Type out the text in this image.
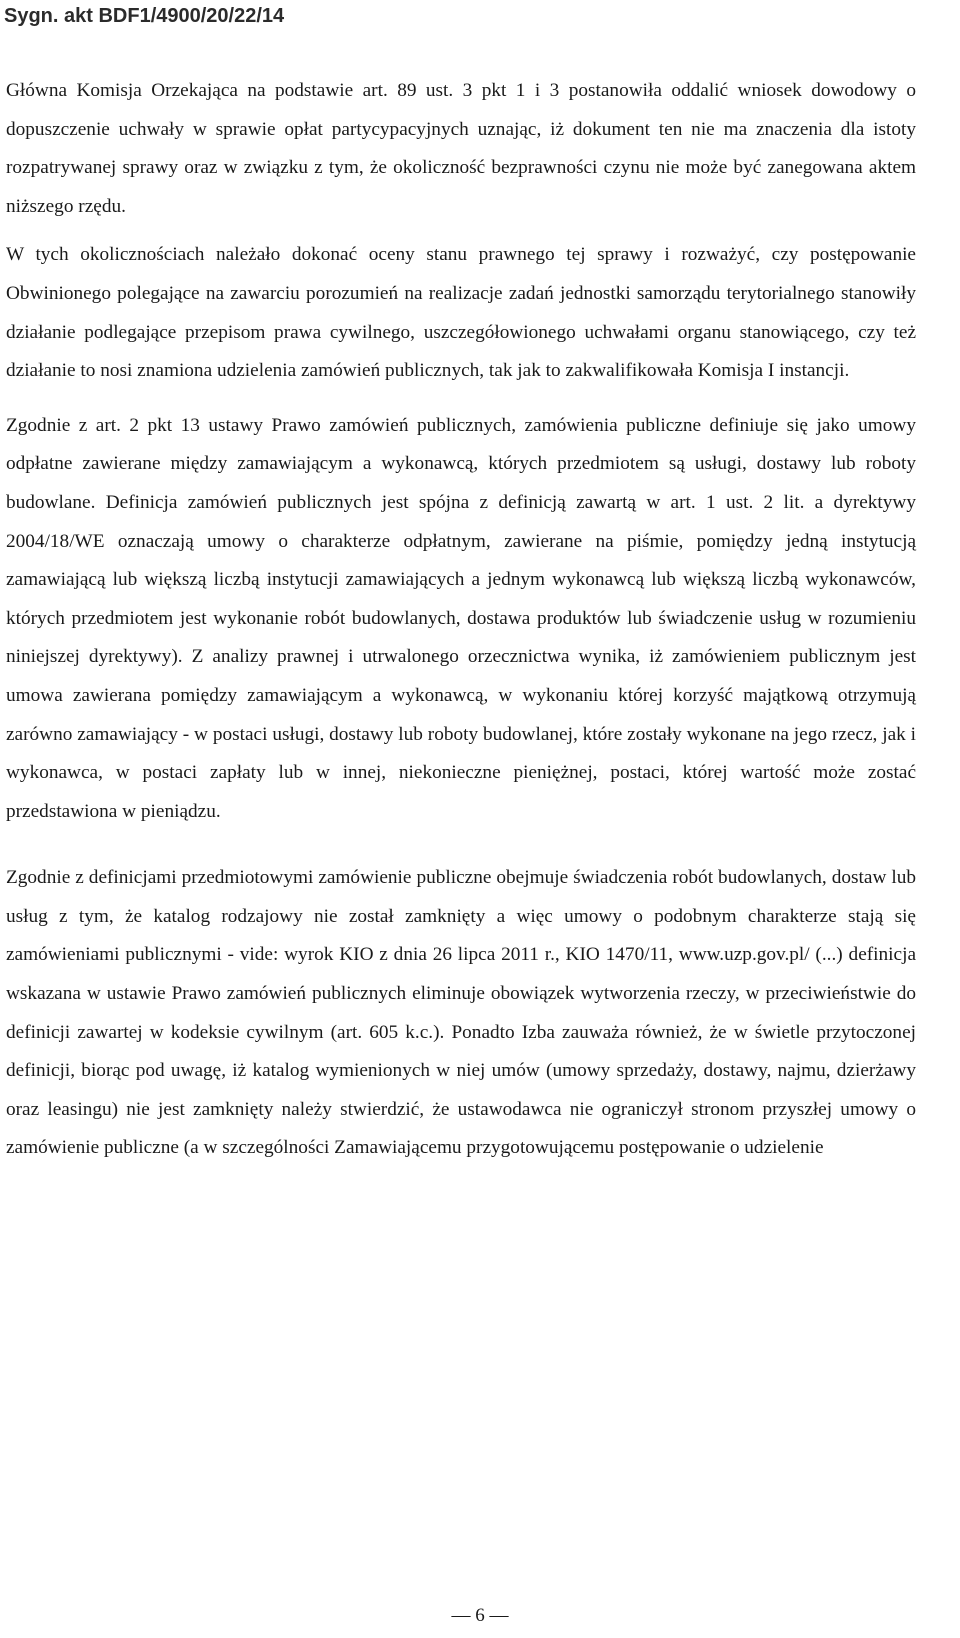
Sygn. akt BDF1/4900/20/22/14

Główna Komisja Orzekająca na podstawie art. 89 ust. 3 pkt 1 i 3 postanowiła oddalić wniosek dowodowy o dopuszczenie uchwały w sprawie opłat partycypacyjnych uznając, iż dokument ten nie ma znaczenia dla istoty rozpatrywanej sprawy oraz w związku z tym, że okoliczność bezprawności czynu nie może być zanegowana aktem niższego rzędu.

W tych okolicznościach należało dokonać oceny stanu prawnego tej sprawy i rozważyć, czy postępowanie Obwinionego polegające na zawarciu porozumień na realizacje zadań jednostki samorządu terytorialnego stanowiły działanie podlegające przepisom prawa cywilnego, uszczegółowionego uchwałami organu stanowiącego, czy też działanie to nosi znamiona udzielenia zamówień publicznych, tak jak to zakwalifikowała Komisja I instancji.

Zgodnie z art. 2 pkt 13 ustawy Prawo zamówień publicznych, zamówienia publiczne definiuje się jako umowy odpłatne zawierane między zamawiającym a wykonawcą, których przedmiotem są usługi, dostawy lub roboty budowlane. Definicja zamówień publicznych jest spójna z definicją zawartą w art. 1 ust. 2 lit. a dyrektywy 2004/18/WE oznaczają umowy o charakterze odpłatnym, zawierane na piśmie, pomiędzy jedną instytucją zamawiającą lub większą liczbą instytucji zamawiających a jednym wykonawcą lub większą liczbą wykonawców, których przedmiotem jest wykonanie robót budowlanych, dostawa produktów lub świadczenie usług w rozumieniu niniejszej dyrektywy). Z analizy prawnej i utrwalonego orzecznictwa wynika, iż zamówieniem publicznym jest umowa zawierana pomiędzy zamawiającym a wykonawcą, w wykonaniu której korzyść majątkową otrzymują zarówno zamawiający - w postaci usługi, dostawy lub roboty budowlanej, które zostały wykonane na jego rzecz, jak i wykonawca, w postaci zapłaty lub w innej, niekonieczne pieniężnej, postaci, której wartość może zostać przedstawiona w pieniądzu.

Zgodnie z definicjami przedmiotowymi zamówienie publiczne obejmuje świadczenia robót budowlanych, dostaw lub usług z tym, że katalog rodzajowy nie został zamknięty a więc umowy o podobnym charakterze stają się zamówieniami publicznymi - vide: wyrok KIO z dnia 26 lipca 2011 r., KIO 1470/11, www.uzp.gov.pl/ (...) definicja wskazana w ustawie Prawo zamówień publicznych eliminuje obowiązek wytworzenia rzeczy, w przeciwieństwie do definicji zawartej w kodeksie cywilnym (art. 605 k.c.). Ponadto Izba zauważa również, że w świetle przytoczonej definicji, biorąc pod uwagę, iż katalog wymienionych w niej umów (umowy sprzedaży, dostawy, najmu, dzierżawy oraz leasingu) nie jest zamknięty należy stwierdzić, że ustawodawca nie ograniczył stronom przyszłej umowy o zamówienie publiczne (a w szczególności Zamawiającemu przygotowującemu postępowanie o udzielenie

— 6 —
